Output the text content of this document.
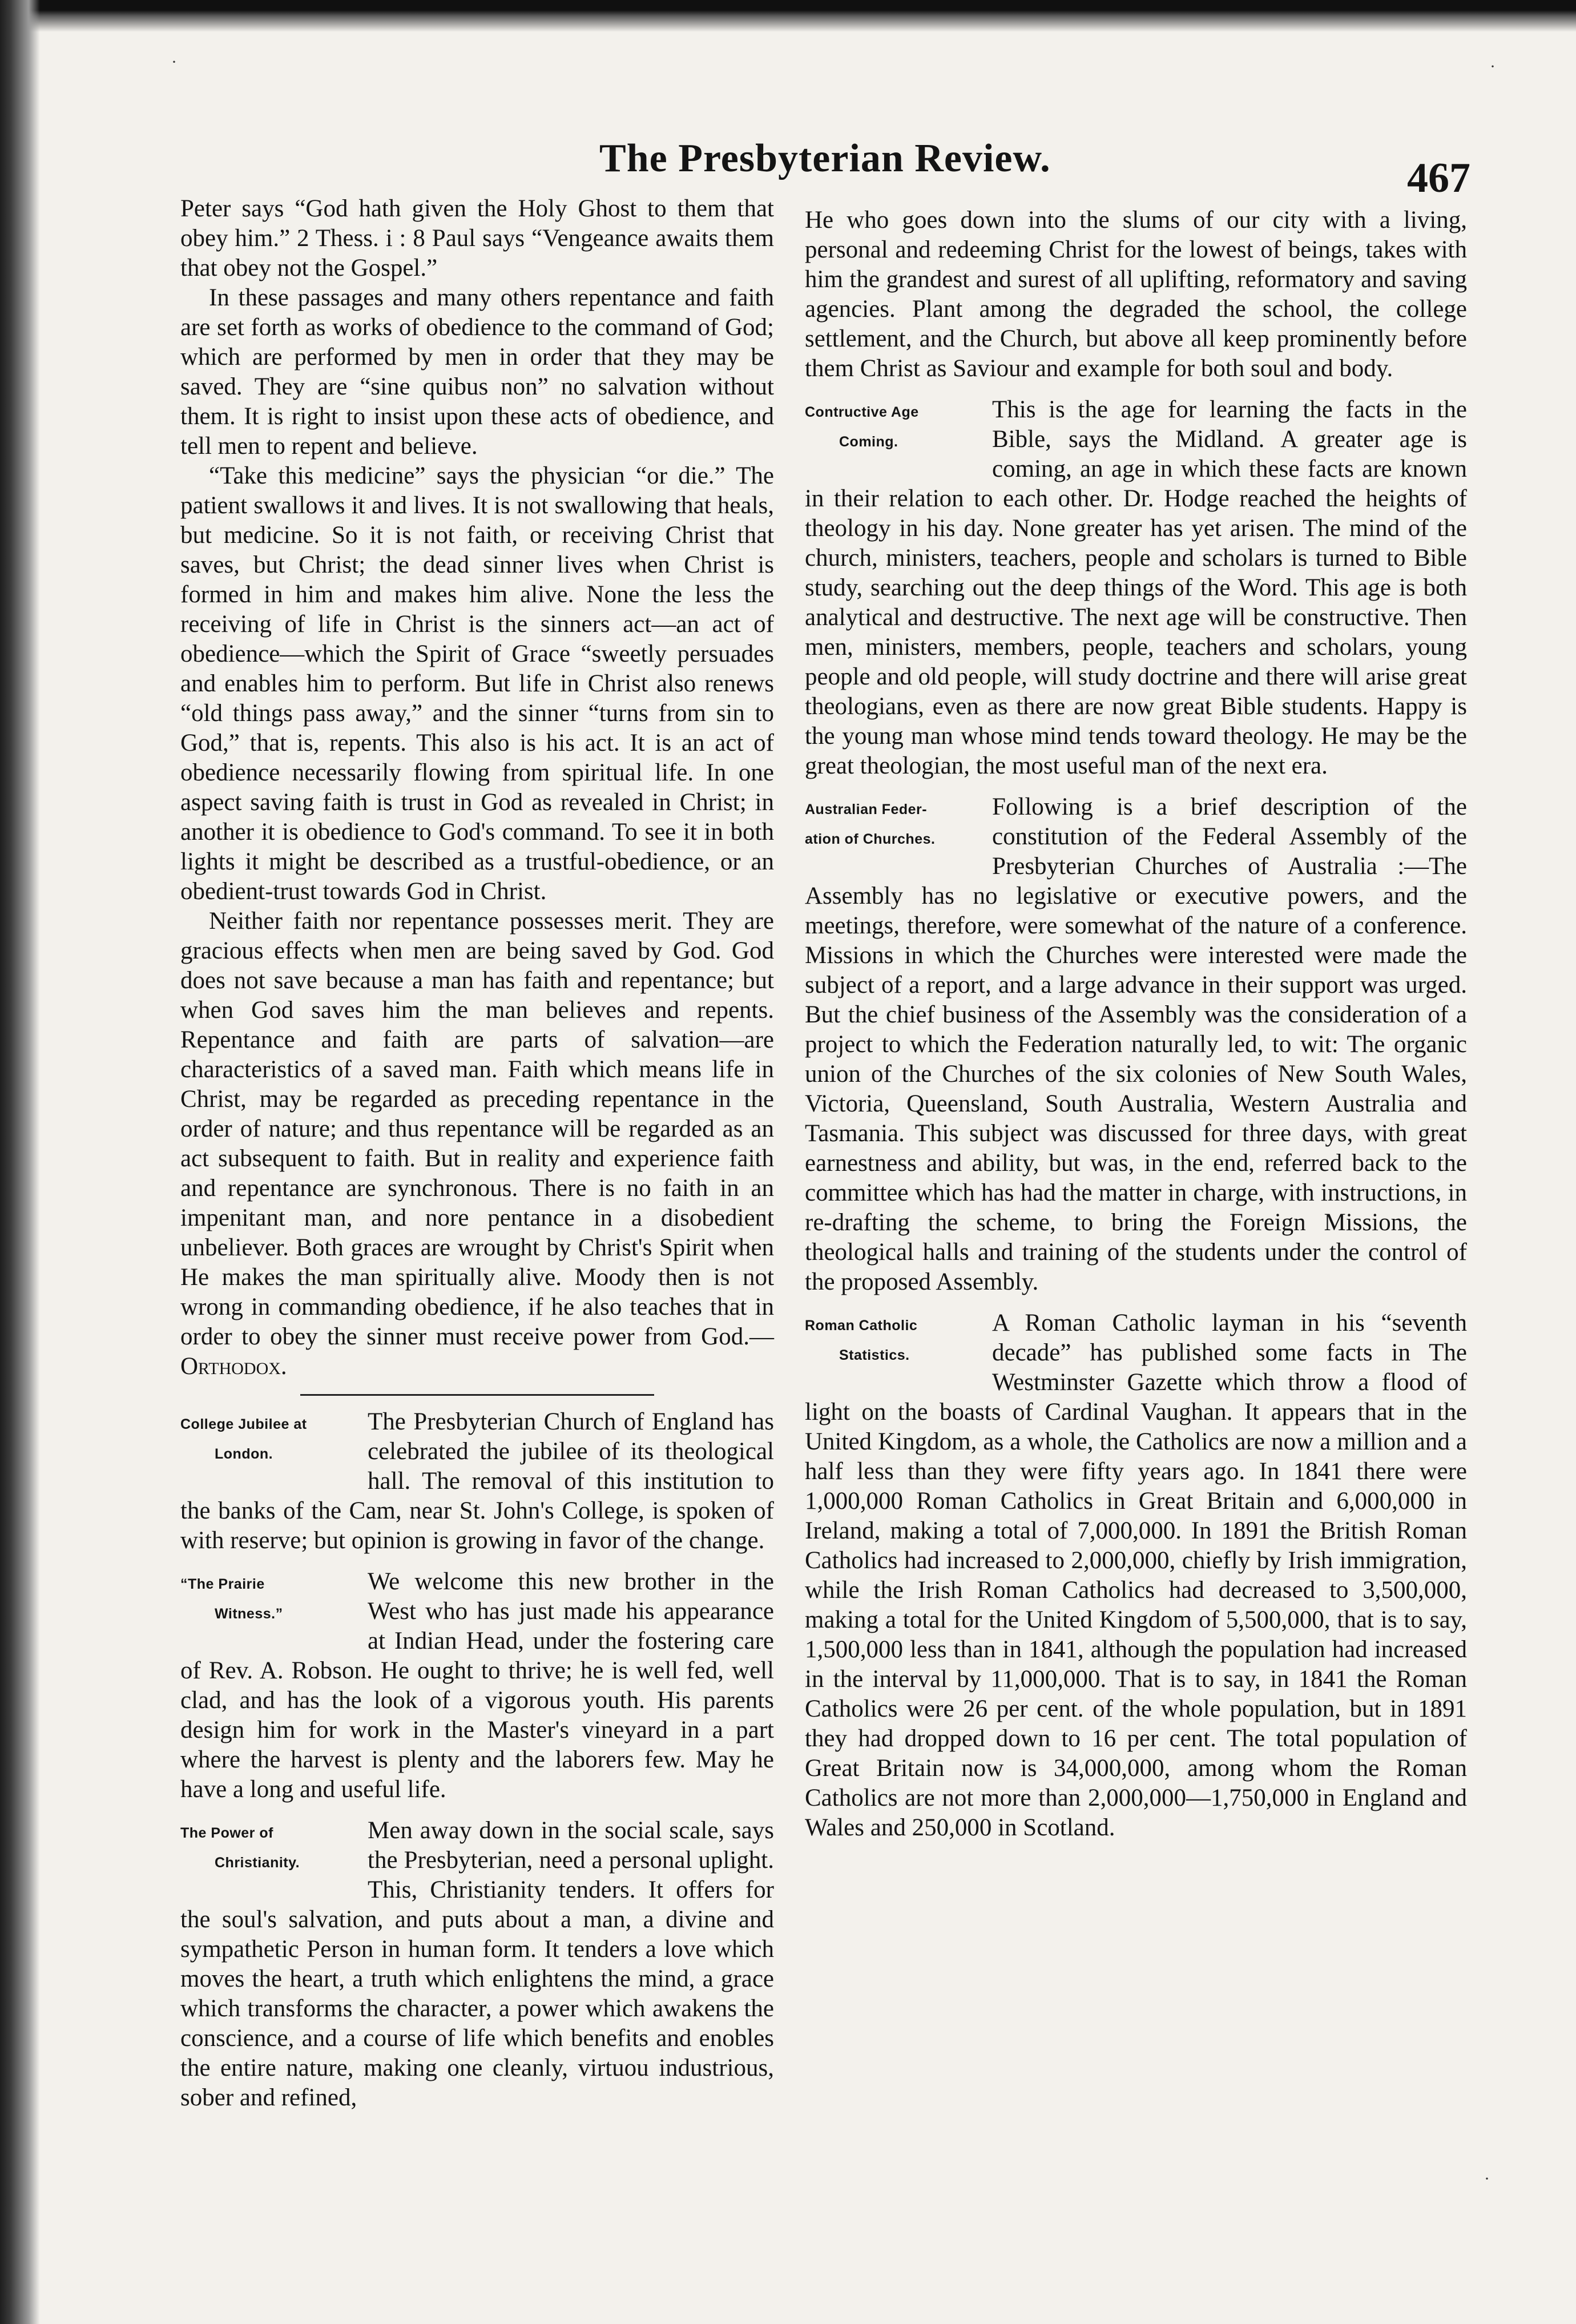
·	·
·
The Presbyterian Review.	467

Peter says “God hath given the Holy Ghost to them that obey him.” 2 Thess. i : 8 Paul says “Vengeance awaits them that obey not the Gospel.”

In these passages and many others repentance and faith are set forth as works of obedience to the command of God; which are performed by men in order that they may be saved. They are “sine quibus non” no salvation without them. It is right to insist upon these acts of obedience, and tell men to repent and believe.

“Take this medicine” says the physician “or die.” The patient swallows it and lives. It is not swallowing that heals, but medicine. So it is not faith, or receiving Christ that saves, but Christ; the dead sinner lives when Christ is formed in him and makes him alive. None the less the receiving of life in Christ is the sinners act—an act of obedience—which the Spirit of Grace “sweetly persuades and enables him to perform. But life in Christ also renews “old things pass away,” and the sinner “turns from sin to God,” that is, repents. This also is his act. It is an act of obedience necessarily flowing from spiritual life. In one aspect saving faith is trust in God as revealed in Christ; in another it is obedience to God's command. To see it in both lights it might be described as a trustful-obedience, or an obedient-trust towards God in Christ.

Neither faith nor repentance possesses merit. They are gracious effects when men are being saved by God. God does not save because a man has faith and repentance; but when God saves him the man believes and repents. Repentance and faith are parts of salvation—are characteristics of a saved man. Faith which means life in Christ, may be regarded as preceding repentance in the order of nature; and thus repentance will be regarded as an act subsequent to faith. But in reality and experience faith and repentance are synchronous. There is no faith in an impenitant man, and nore pentance in a disobedient unbeliever. Both graces are wrought by Christ's Spirit when He makes the man spiritually alive. Moody then is not wrong in commanding obedience, if he also teaches that in order to obey the sinner must receive power from God.—Orthodox.

College Jubilee at
London.

The Presbyterian Church of England has celebrated the jubilee of its theological hall. The removal of this institution to the banks of the Cam, near St. John's College, is spoken of with reserve; but opinion is growing in favor of the change.

“The Prairie
Witness.”

We welcome this new brother in the West who has just made his appearance at Indian Head, under the fostering care of Rev. A. Robson. He ought to thrive; he is well fed, well clad, and has the look of a vigorous youth. His parents design him for work in the Master's vineyard in a part where the harvest is plenty and the laborers few. May he have a long and useful life.

The Power of
Christianity.

Men away down in the social scale, says the Presbyterian, need a personal uplight. This, Christianity tenders. It offers for the soul's salvation, and puts about a man, a divine and sympathetic Person in human form. It tenders a love which moves the heart, a truth which enlightens the mind, a grace which transforms the character, a power which awakens the conscience, and a course of life which benefits and enobles the entire nature, making one cleanly, virtuou industrious, sober and refined,

He who goes down into the slums of our city with a living, personal and redeeming Christ for the lowest of beings, takes with him the grandest and surest of all uplifting, reformatory and saving agencies. Plant among the degraded the school, the college settlement, and the Church, but above all keep prominently before them Christ as Saviour and example for both soul and body.

Contructive Age
Coming.

This is the age for learning the facts in the Bible, says the Midland. A greater age is coming, an age in which these facts are known in their relation to each other. Dr. Hodge reached the heights of theology in his day. None greater has yet arisen. The mind of the church, ministers, teachers, people and scholars is turned to Bible study, searching out the deep things of the Word. This age is both analytical and destructive. The next age will be constructive. Then men, ministers, members, people, teachers and scholars, young people and old people, will study doctrine and there will arise great theologians, even as there are now great Bible students. Happy is the young man whose mind tends toward theology. He may be the great theologian, the most useful man of the next era.

Australian Feder-
ation of Churches.

Following is a brief description of the constitution of the Federal Assembly of the Presbyterian Churches of Australia :—The Assembly has no legislative or executive powers, and the meetings, therefore, were somewhat of the nature of a conference. Missions in which the Churches were interested were made the subject of a report, and a large advance in their support was urged. But the chief business of the Assembly was the consideration of a project to which the Federation naturally led, to wit: The organic union of the Churches of the six colonies of New South Wales, Victoria, Queensland, South Australia, Western Australia and Tasmania. This subject was discussed for three days, with great earnestness and ability, but was, in the end, referred back to the committee which has had the matter in charge, with instructions, in re-drafting the scheme, to bring the Foreign Missions, the theological halls and training of the students under the control of the proposed Assembly.

Roman Catholic
Statistics.

A Roman Catholic layman in his “seventh decade” has published some facts in The Westminster Gazette which throw a flood of light on the boasts of Cardinal Vaughan. It appears that in the United Kingdom, as a whole, the Catholics are now a million and a half less than they were fifty years ago. In 1841 there were 1,000,000 Roman Catholics in Great Britain and 6,000,000 in Ireland, making a total of 7,000,000. In 1891 the British Roman Catholics had increased to 2,000,000, chiefly by Irish immigration, while the Irish Roman Catholics had decreased to 3,500,000, making a total for the United Kingdom of 5,500,000, that is to say, 1,500,000 less than in 1841, although the population had increased in the interval by 11,000,000. That is to say, in 1841 the Roman Catholics were 26 per cent. of the whole population, but in 1891 they had dropped down to 16 per cent. The total population of Great Britain now is 34,000,000, among whom the Roman Catholics are not more than 2,000,000—1,750,000 in England and Wales and 250,000 in Scotland.
